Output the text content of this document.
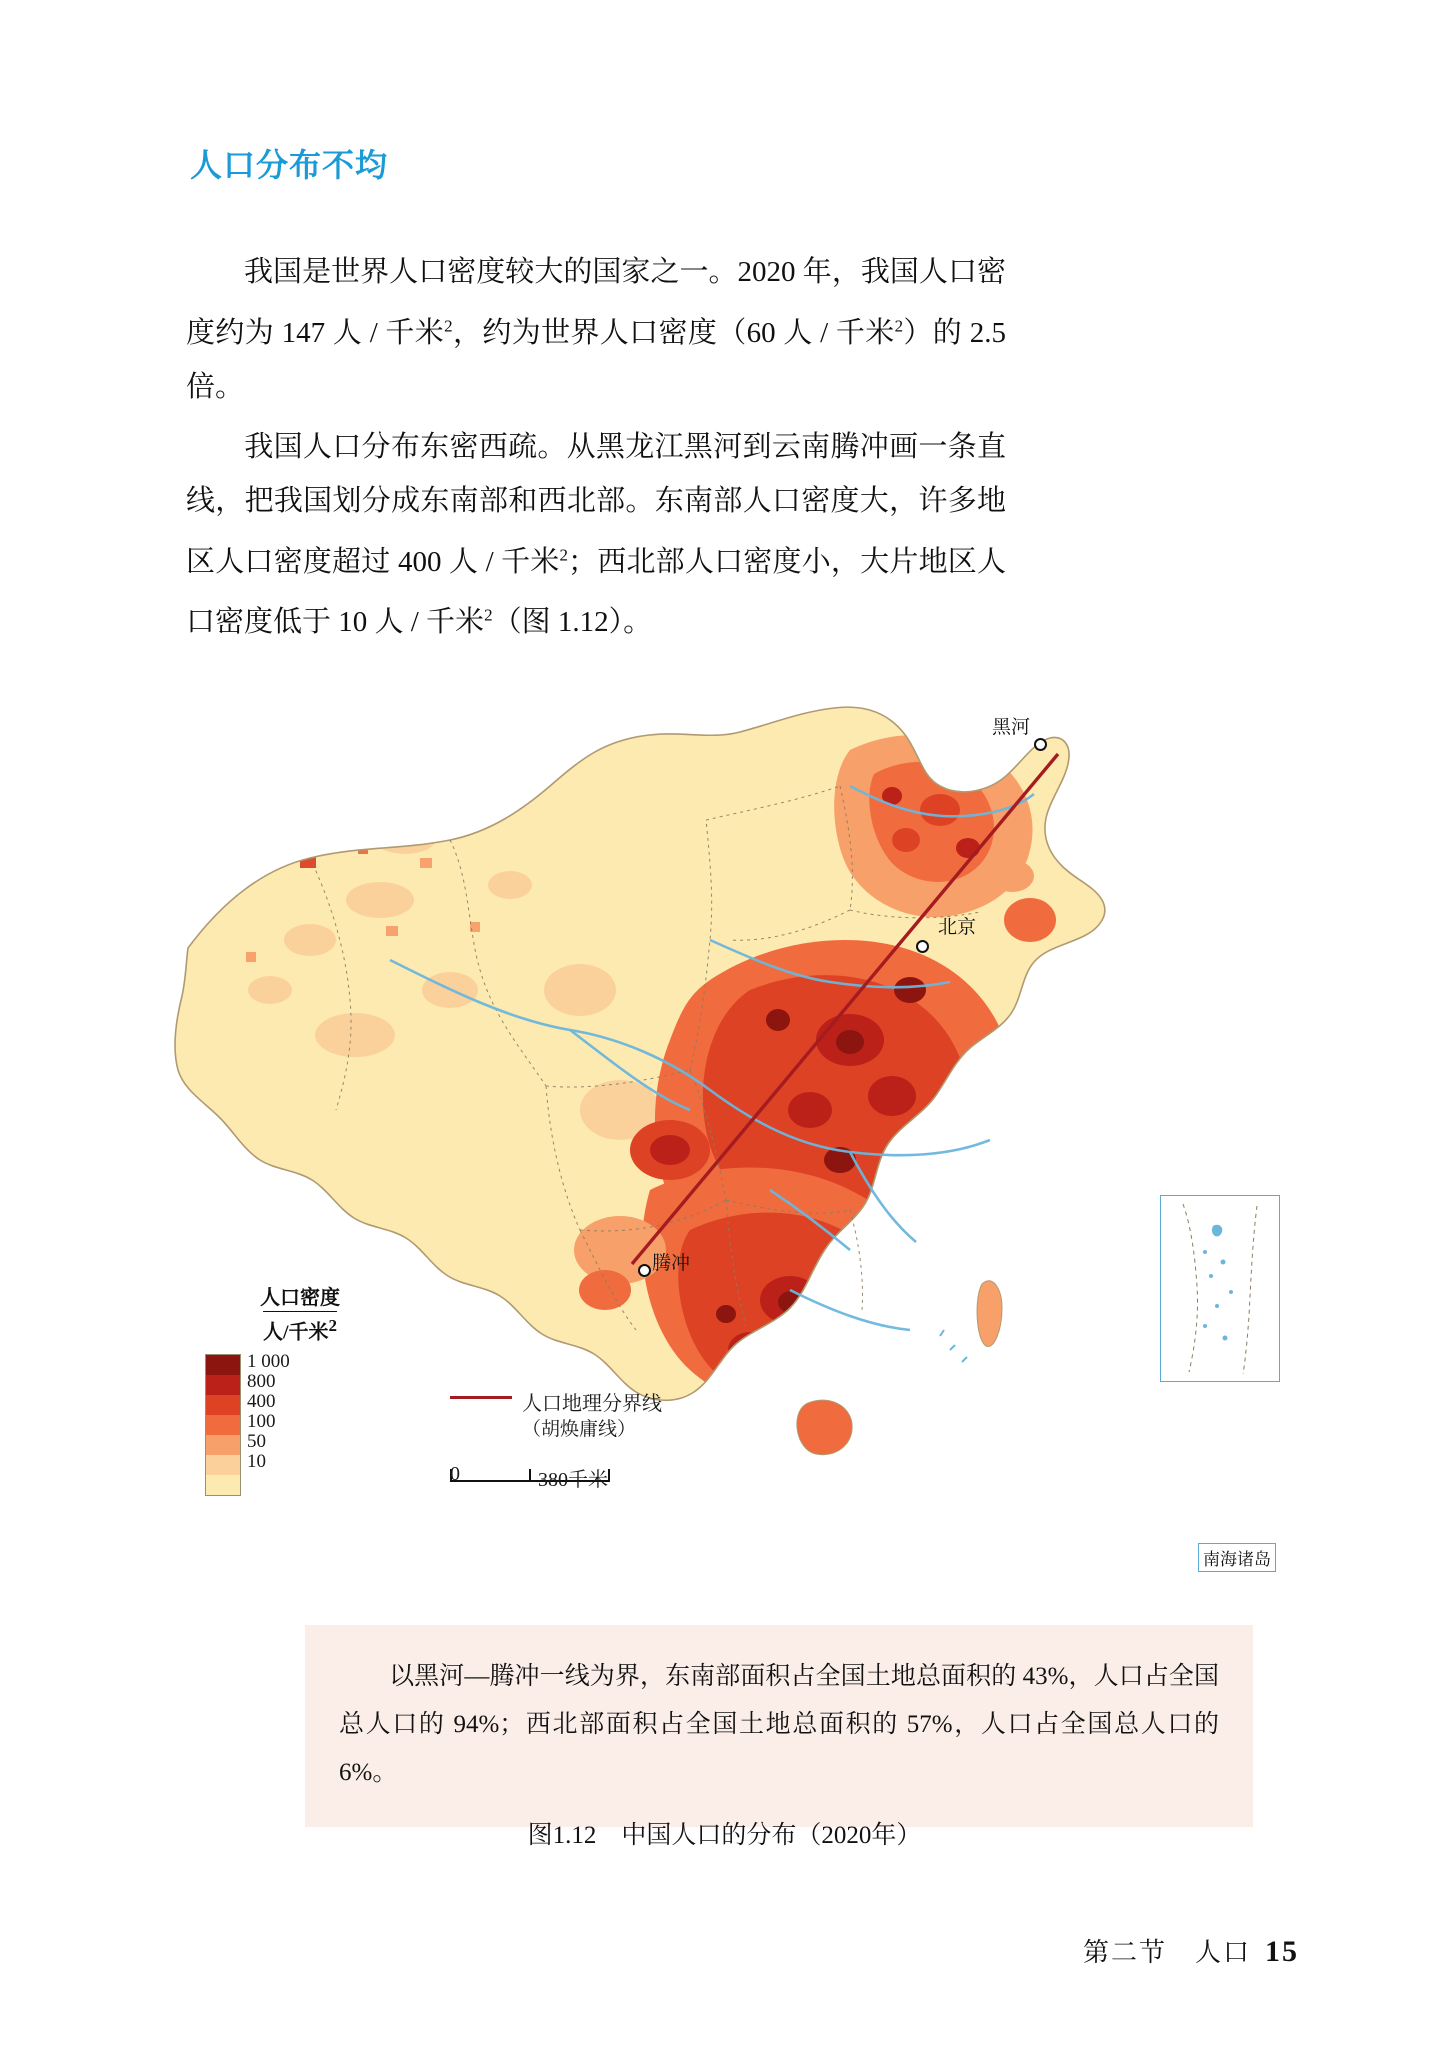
人口分布不均
我国是世界人口密度较大的国家之一。2020 年，我国人口密度约为 147 人 / 千米$^2$，约为世界人口密度（60 人 / 千米$^2$）的 2.5 倍。
我国人口分布东密西疏。从黑龙江黑河到云南腾冲画一条直线，把我国划分成东南部和西北部。东南部人口密度大，许多地区人口密度超过 400 人 / 千米$^2$；西北部人口密度小，大片地区人口密度低于 10 人 / 千米$^2$（图 1.12）。
人口密度
人/千米$^2$
1 000
800
400
100
50
10
人口地理分界线
（胡焕庸线）
0	380千米
黑河
北京
腾冲
南海诸岛
以黑河—腾冲一线为界，东南部面积占全国土地总面积的 43%，人口占全国总人口的 94%；西北部面积占全国土地总面积的 57%，人口占全国总人口的 6%。
图1.12　中国人口的分布（2020年）
第二节　人口 15
